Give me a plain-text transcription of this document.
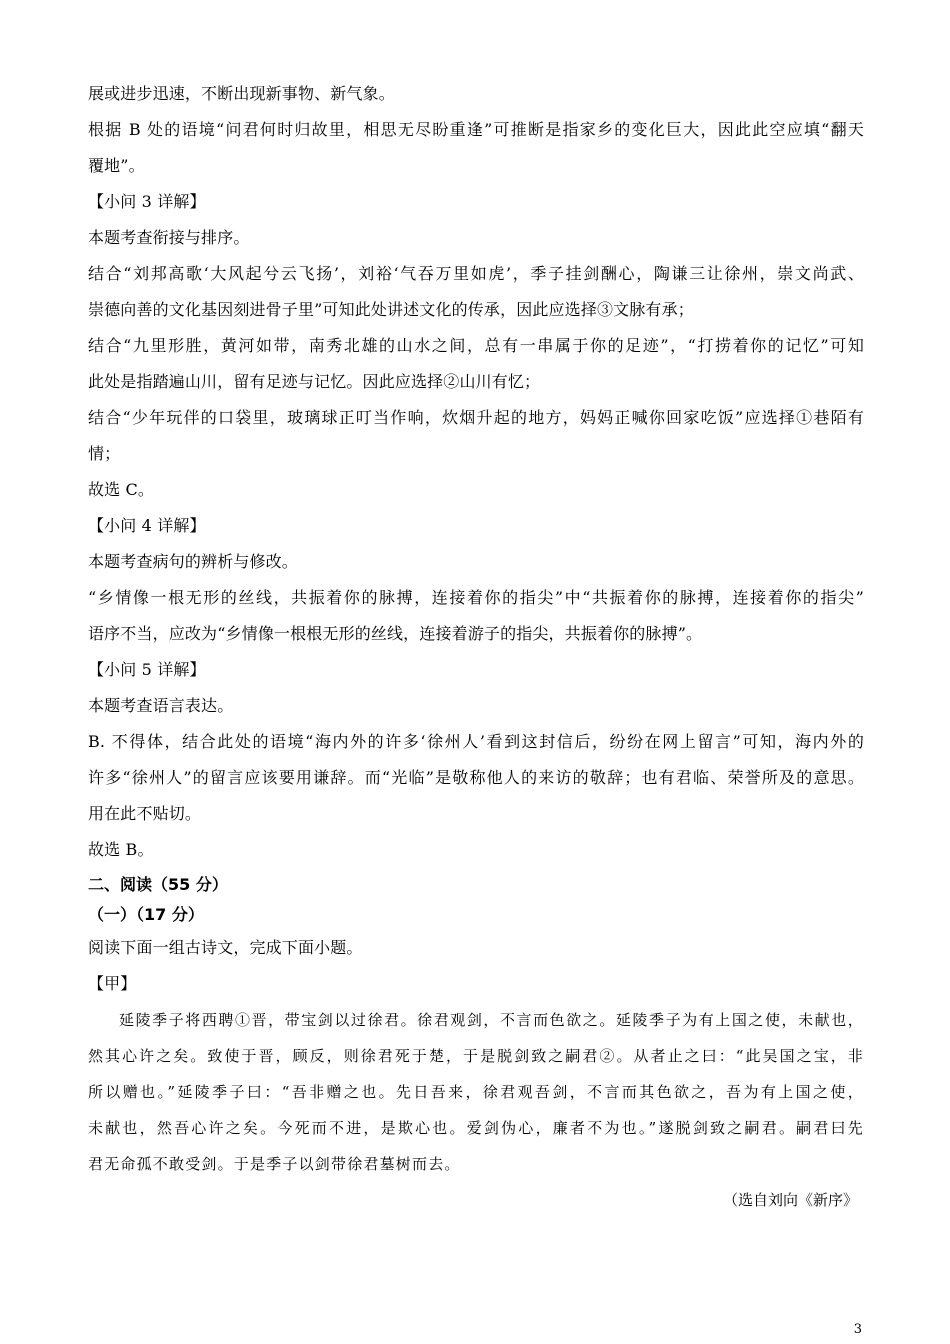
展或进步迅速，不断出现新事物、新气象。
根据 B 处的语境“问君何时归故里，相思无尽盼重逢”可推断是指家乡的变化巨大，因此此空应填“翻天
覆地”。
【小问 3 详解】
本题考查衔接与排序。
结合“刘邦高歌‘大风起兮云飞扬’，刘裕‘气吞万里如虎’，季子挂剑酬心，陶谦三让徐州，崇文尚武、
崇德向善的文化基因刻进骨子里”可知此处讲述文化的传承，因此应选择③文脉有承；
结合“九里形胜，黄河如带，南秀北雄的山水之间，总有一串属于你的足迹”，“打捞着你的记忆”可知
此处是指踏遍山川，留有足迹与记忆。因此应选择②山川有忆；
结合“少年玩伴的口袋里，玻璃球正叮当作响，炊烟升起的地方，妈妈正喊你回家吃饭”应选择①巷陌有
情；
故选 C。
【小问 4 详解】
本题考查病句的辨析与修改。
“乡情像一根无形的丝线，共振着你的脉搏，连接着你的指尖”中“共振着你的脉搏，连接着你的指尖”
语序不当，应改为“乡情像一根根无形的丝线，连接着游子的指尖，共振着你的脉搏”。
【小问 5 详解】
本题考查语言表达。
B. 不得体，结合此处的语境“海内外的许多‘徐州人’看到这封信后，纷纷在网上留言”可知，海内外的
许多“徐州人”的留言应该要用谦辞。而“光临”是敬称他人的来访的敬辞；也有君临、荣誉所及的意思。
用在此不贴切。
故选 B。
二、阅读（55 分）
（一）（17 分）
阅读下面一组古诗文，完成下面小题。
【甲】
延陵季子将西聘①晋，带宝剑以过徐君。徐君观剑，不言而色欲之。延陵季子为有上国之使，未献也，
然其心许之矣。致使于晋，顾反，则徐君死于楚，于是脱剑致之嗣君②。从者止之曰：“此吴国之宝，非
所以赠也。”延陵季子曰：“吾非赠之也。先日吾来，徐君观吾剑，不言而其色欲之，吾为有上国之使，
未献也，然吾心许之矣。今死而不进，是欺心也。爱剑伪心，廉者不为也。”遂脱剑致之嗣君。嗣君曰先
君无命孤不敢受剑。于是季子以剑带徐君墓树而去。
（选自刘向《新序》
3
